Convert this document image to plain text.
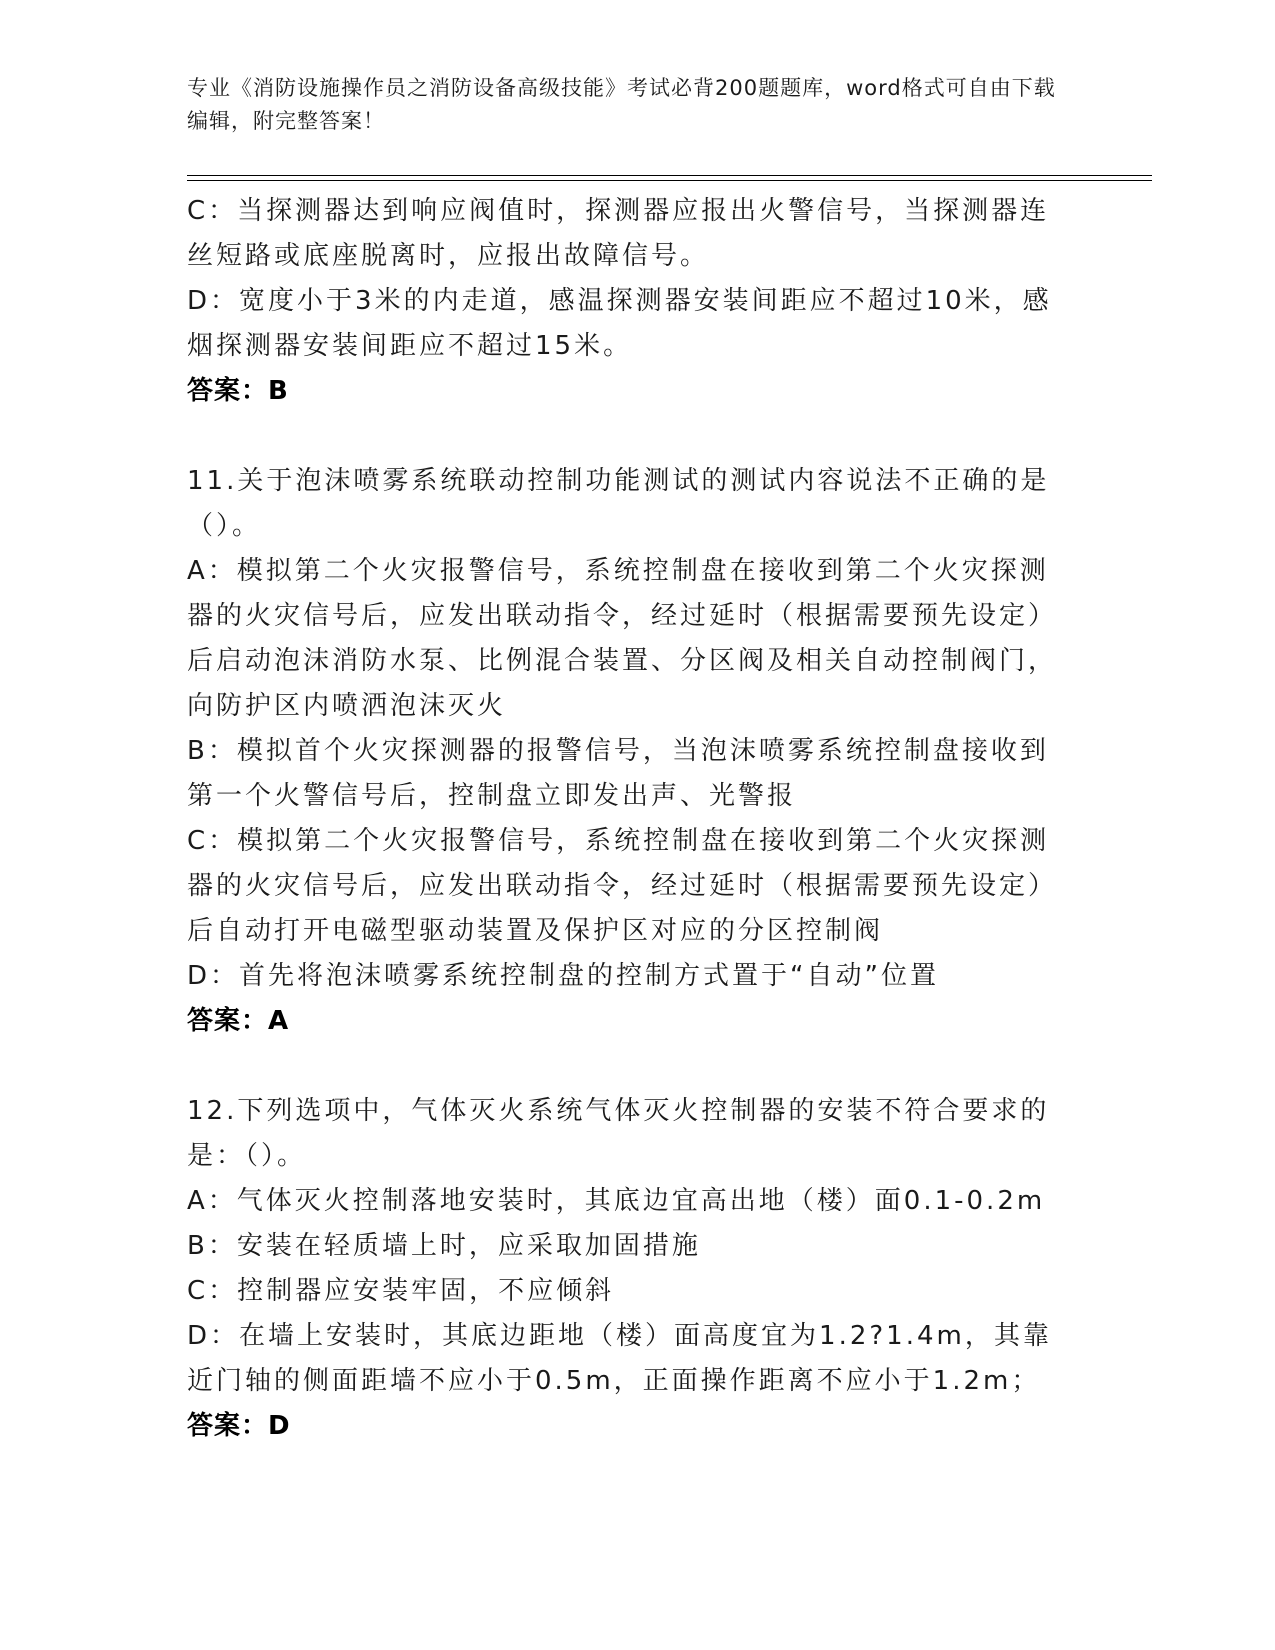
专业《消防设施操作员之消防设备高级技能》考试必背200题题库，word格式可自由下载编辑，附完整答案！

C：当探测器达到响应阀值时，探测器应报出火警信号，当探测器连丝短路或底座脱离时，应报出故障信号。

D：宽度小于3米的内走道，感温探测器安装间距应不超过10米，感烟探测器安装间距应不超过15米。

答案：B

11.关于泡沫喷雾系统联动控制功能测试的测试内容说法不正确的是（）。

A：模拟第二个火灾报警信号，系统控制盘在接收到第二个火灾探测器的火灾信号后，应发出联动指令，经过延时（根据需要预先设定）后启动泡沫消防水泵、比例混合装置、分区阀及相关自动控制阀门，向防护区内喷洒泡沫灭火

B：模拟首个火灾探测器的报警信号，当泡沫喷雾系统控制盘接收到第一个火警信号后，控制盘立即发出声、光警报

C：模拟第二个火灾报警信号，系统控制盘在接收到第二个火灾探测器的火灾信号后，应发出联动指令，经过延时（根据需要预先设定）后自动打开电磁型驱动装置及保护区对应的分区控制阀

D：首先将泡沫喷雾系统控制盘的控制方式置于“自动”位置

答案：A

12.下列选项中，气体灭火系统气体灭火控制器的安装不符合要求的是：（）。

A：气体灭火控制落地安装时，其底边宜高出地（楼）面0.1-0.2m

B：安装在轻质墙上时，应采取加固措施

C：控制器应安装牢固，不应倾斜

D：在墙上安装时，其底边距地（楼）面高度宜为1.2?1.4m，其靠近门轴的侧面距墙不应小于0.5m，正面操作距离不应小于1.2m；

答案：D
